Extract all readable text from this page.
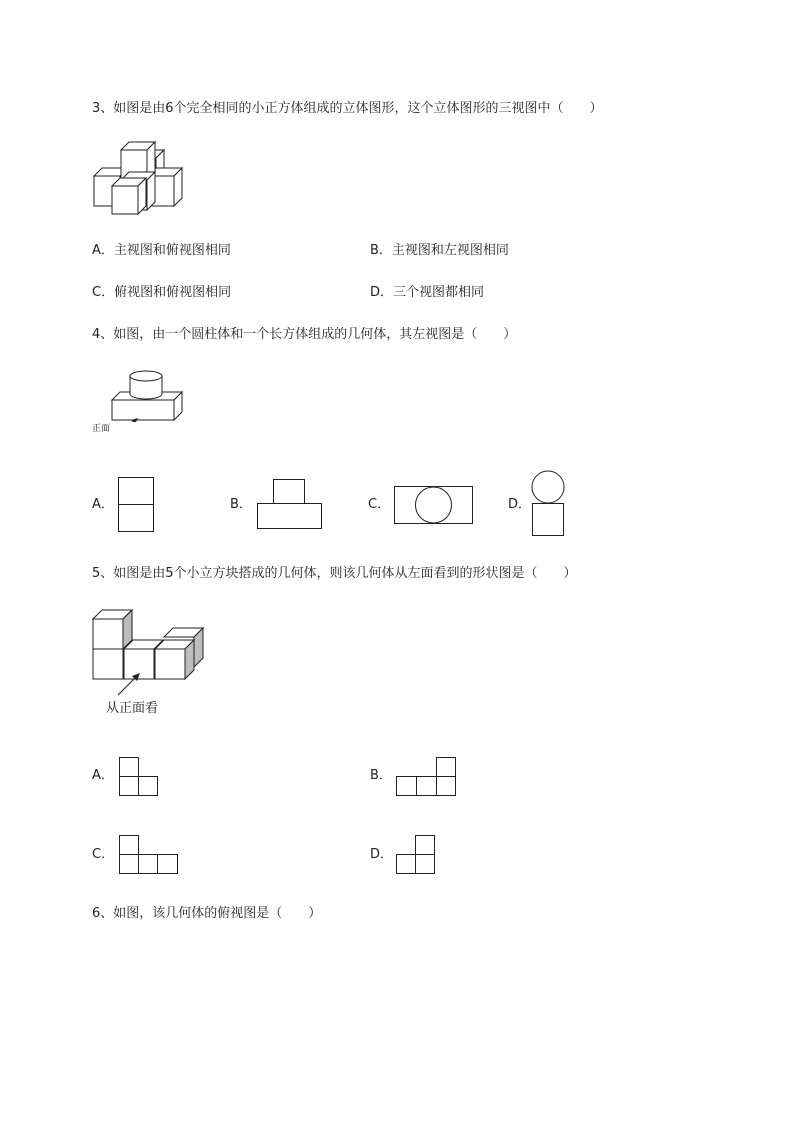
3、如图是由6个完全相同的小正方体组成的立体图形，这个立体图形的三视图中（　　）
A．主视图和俯视图相同	B．主视图和左视图相同
C．俯视图和俯视图相同	D．三个视图都相同
4、如图，由一个圆柱体和一个长方体组成的几何体，其左视图是（　　）
正面
A．	B．	C．	D．
5、如图是由5个小立方块搭成的几何体，则该几何体从左面看到的形状图是（　　）
从正面看
A．	B．
C．	D．
6、如图，该几何体的俯视图是（　　）
